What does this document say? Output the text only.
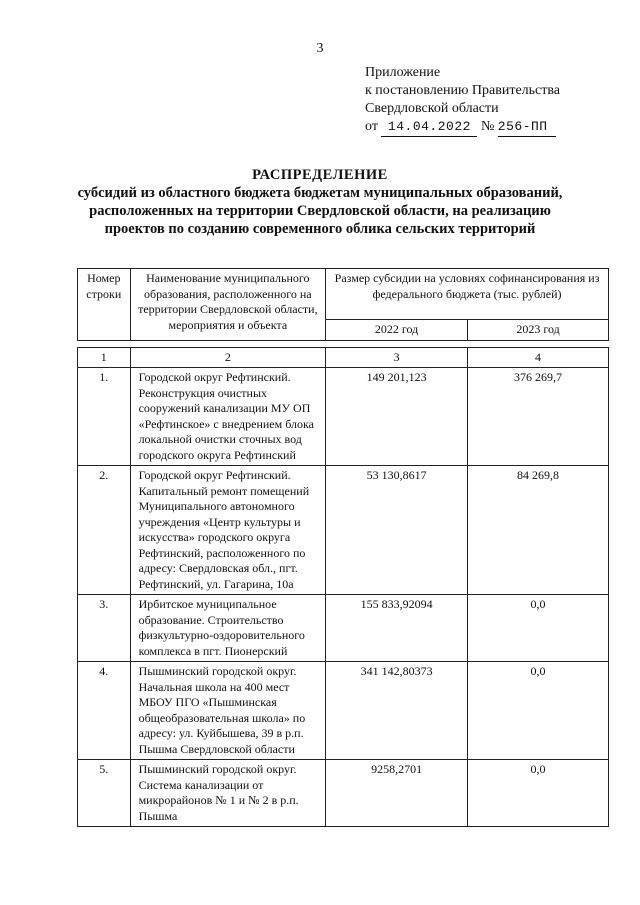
3
Приложение
к постановлению Правительства
Свердловской области
от 14.04.2022 № 256-ПП
РАСПРЕДЕЛЕНИЕ
субсидий из областного бюджета бюджетам муниципальных образований,
расположенных на территории Свердловской области, на реализацию
проектов по созданию современного облика сельских территорий
Номер строки	Наименование муниципального образования, расположенного на территории Свердловской области, мероприятия и объекта	Размер субсидии на условиях софинансирования из федерального бюджета (тыс. рублей)	
		2022 год	2023 год

1	2	3	4
1.	Городской округ Рефтинский. Реконструкция очистных сооружений канализации МУ ОП «Рефтинское» с внедрением блока локальной очистки сточных вод городского округа Рефтинский	149 201,123	376 269,7
2.	Городской округ Рефтинский. Капитальный ремонт помещений Муниципального автономного учреждения «Центр культуры и искусства» городского округа Рефтинский, расположенного по адресу: Свердловская обл., пгт. Рефтинский, ул. Гагарина, 10а	53 130,8617	84 269,8
3.	Ирбитское муниципальное образование. Строительство физкультурно-оздоровительного комплекса в пгт. Пионерский	155 833,92094	0,0
4.	Пышминский городской округ. Начальная школа на 400 мест МБОУ ПГО «Пышминская общеобразовательная школа» по адресу: ул. Куйбышева, 39 в р.п. Пышма Свердловской области	341 142,80373	0,0
5.	Пышминский городской округ. Система канализации от микрорайонов № 1 и № 2 в р.п. Пышма	9258,2701	0,0
